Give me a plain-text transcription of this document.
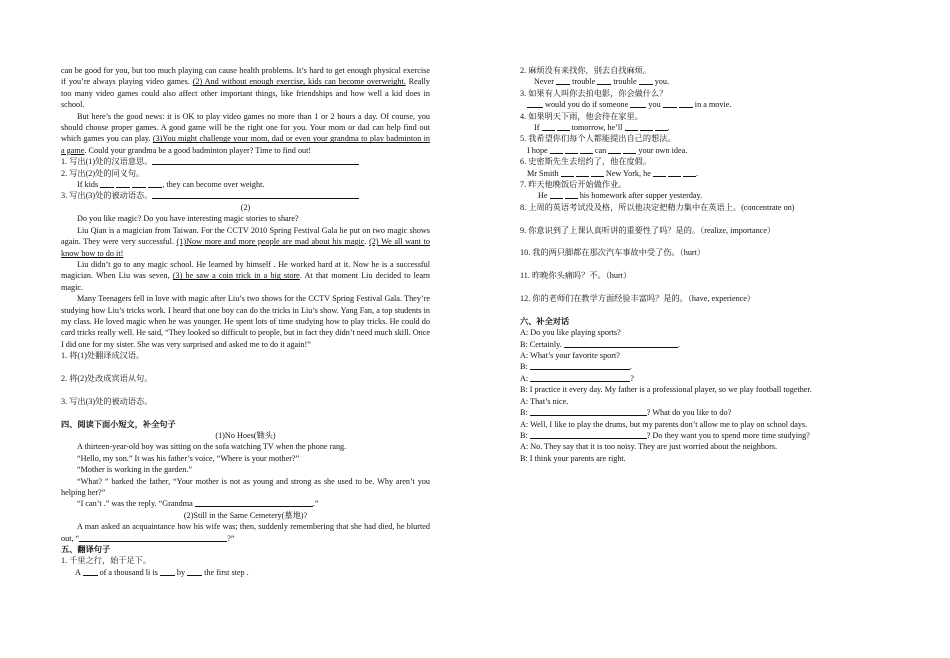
can be good for you, but too much playing can cause health problems. It’s hard to get enough physical exercise if you’re always playing video games. (2) And without enough exercise, kids can become overweight. Really too many video games could also affect other important things, like friendships and how well a kid does in school.
But here’s the good news: it is OK to play video games no more than 1 or 2 hours a day. Of course, you should choose proper games. A good game will be the right one for you. Your mom or dad can help find out which games you can play. (3)You might challenge your mom, dad or even your grandma to play badminton in a game. Could your grandma be a good badminton player? Time to find out!
1. 写出(1)处的汉语意思。
2. 写出(2)处的同义句。
If kids	, they can become over weight.
3. 写出(3)处的被动语态。
(2)
Do you like magic? Do you have interesting magic stories to share?
Liu Qian is a magician from Taiwan. For the CCTV 2010 Spring Festival Gala he put on two magic shows again. They were very successful. (1)Now more and more people are mad about his magic. (2) We all want to know how to do it!
Liu didn’t go to any magic school. He learned by himself . He worked hard at it. Now he is a successful magician. When Liu was seven, (3) he saw a coin trick in a big store. At that moment Liu decided to learn magic.
Many Teenagers fell in love with magic after Liu’s two shows for the CCTV Spring Festival Gala. They’re studying how Liu’s tricks work. I heard that one boy can do the tricks in Liu’s show. Yang Fan, a top students in my class. He loved magic when he was younger. He spent lots of time studying how to play tricks. He could do card tricks really well. He said, “They looked so difficult to people, but in fact they didn’t need much skill. Once I did one for my sister. She was very surprised and asked me to do it again!”
1. 将(1)处翻译成汉语。
2. 将(2)处改成宾语从句。
3. 写出(3)处的被动语态。
四、阅读下面小短文，补全句子
(1)No Hoes(锄头)
A thirteen-year-old boy was sitting on the sofa watching TV when the phone rang.
“Hello, my son.” It was his father’s voice, “Where is your mother?”
“Mother is working in the garden.”
“What? ” barked the father, “Your mother is not as young and strong as she used to be. Why aren’t you helping her?”
“I can’t .” was the reply. “Grandma	.”
(2)Still in the Same Cemetery(墓地)?
A man asked an acquaintance how his wife was; then, suddenly remembering that she had died, he blurted out, “	?”
五、翻译句子
1. 千里之行，始于足下。
A  of a thousand li is  by  the first step .
2. 麻烦没有来找你，别去自找麻烦。
Never  trouble  trouble  you.
3. 如果有人叫你去拍电影，你会做什么？
would you do if someone  you	in a movie.
4. 如果明天下雨，他会待在家里。
If	tomorrow, he’ll	.
5. 我希望你们每个人都能提出自己的想法。
I hope	can	your own idea.
6. 史密斯先生去纽约了，他在度假。
Mr Smith	New York, he	.
7. 昨天他晚饭后开始做作业。
He	his homework after supper yesterday.
8. 上周的英语考试没及格，所以他决定把精力集中在英语上。(concentrate on)
9. 你意识到了上课认真听讲的重要性了吗？是的。（realize, importance）
10. 我的两只脚都在那次汽车事故中受了伤。（hurt）
11. 昨晚你头痛吗？不。（hurt）
12. 你的老师们在教学方面经验丰富吗？是的。（have, experience）
六、补全对话
A: Do you like playing sports?
B: Certainly.	.
A: What’s your favorite sport?
B:	.
A:	?
B: I practice it every day. My father is a professional player, so we play football together.
A: That’s nice.
B:	? What do you like to do?
A: Well, I like to play the drums, but my parents don’t allow me to play on school days.
B:	? Do they want you to spend more time studying?
A: No. They say that it is too noisy. They are just worried about the neighbors.
B: I think your parents are right.
